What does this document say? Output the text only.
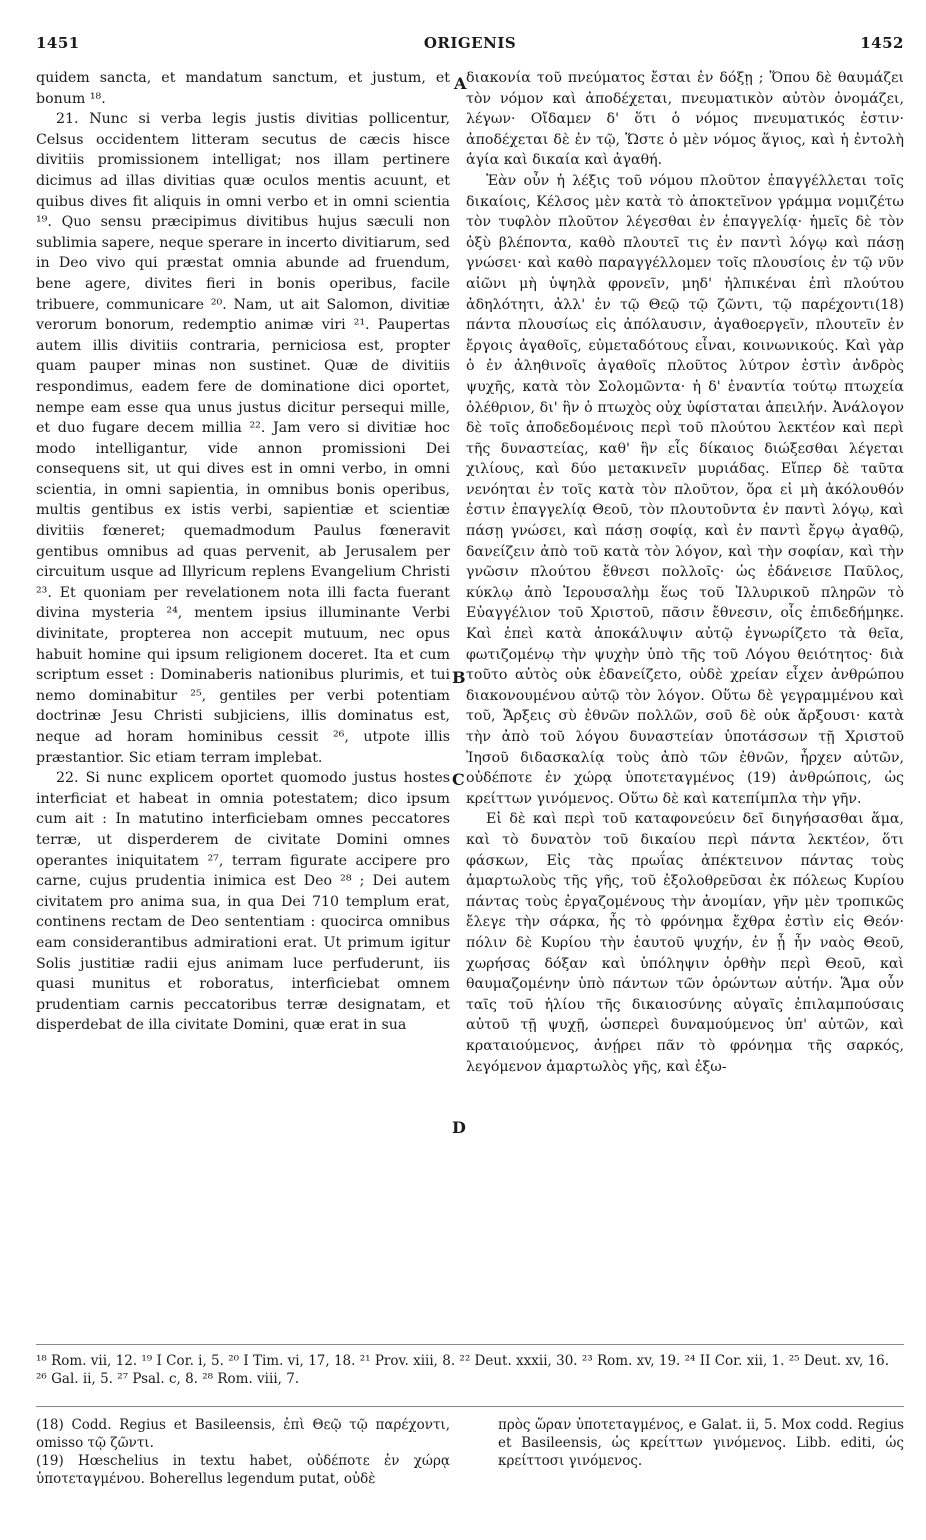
1451	ORIGENIS	1452

quidem sancta, et mandatum sanctum, et justum, et bonum ¹⁸.

21. Nunc si verba legis justis divitias pollicentur, Celsus occidentem litteram secutus de cæcis hisce divitiis promissionem intelligat; nos illam pertinere dicimus ad illas divitias quæ oculos mentis acuunt, et quibus dives fit aliquis in omni verbo et in omni scientia ¹⁹. Quo sensu præcipimus divitibus hujus sæculi non sublimia sapere, neque sperare in incerto divitiarum, sed in Deo vivo qui præstat omnia abunde ad fruendum, bene agere, divites fieri in bonis operibus, facile tribuere, communicare ²⁰. Nam, ut ait Salomon, divitiæ verorum bonorum, redemptio animæ viri ²¹. Paupertas autem illis divitiis contraria, perniciosa est, propter quam pauper minas non sustinet. Quæ de divitiis respondimus, eadem fere de dominatione dici oportet, nempe eam esse qua unus justus dicitur persequi mille, et duo fugare decem millia ²². Jam vero si divitiæ hoc modo intelligantur, vide annon promissioni Dei consequens sit, ut qui dives est in omni verbo, in omni scientia, in omni sapientia, in omnibus bonis operibus, multis gentibus ex istis verbi, sapientiæ et scientiæ divitiis fœneret; quemadmodum Paulus fœneravit gentibus omnibus ad quas pervenit, ab Jerusalem per circuitum usque ad Illyricum replens Evangelium Christi ²³. Et quoniam per revelationem nota illi facta fuerant divina mysteria ²⁴, mentem ipsius illuminante Verbi divinitate, propterea non accepit mutuum, nec opus habuit homine qui ipsum religionem doceret. Ita et cum scriptum esset : Dominaberis nationibus plurimis, et tui nemo dominabitur ²⁵, gentiles per verbi potentiam doctrinæ Jesu Christi subjiciens, illis dominatus est, neque ad horam hominibus cessit ²⁶, utpote illis præstantior. Sic etiam terram implebat.

22. Si nunc explicem oportet quomodo justus hostes interficiat et habeat in omnia potestatem; dico ipsum cum ait : In matutino interficiebam omnes peccatores terræ, ut disperderem de civitate Domini omnes operantes iniquitatem ²⁷, terram figurate accipere pro carne, cujus prudentia inimica est Deo ²⁸ ; Dei autem civitatem pro anima sua, in qua Dei 710 templum erat, continens rectam de Deo sententiam : quocirca omnibus eam considerantibus admirationi erat. Ut primum igitur Solis justitiæ radii ejus animam luce perfuderunt, iis quasi munitus et roboratus, interficiebat omnem prudentiam carnis peccatoribus terræ designatam, et disperdebat de illa civitate Domini, quæ erat in sua

A
B
C
D

διακονία τοῦ πνεύματος ἔσται ἐν δόξῃ ; Ὅπου δὲ θαυμάζει τὸν νόμον καὶ ἀποδέχεται, πνευματικὸν αὐτὸν ὀνομάζει, λέγων· Οἴδαμεν δ' ὅτι ὁ νόμος πνευματικός ἐστιν· ἀποδέχεται δὲ ἐν τῷ, Ὥστε ὁ μὲν νόμος ἅγιος, καὶ ἡ ἐντολὴ ἁγία καὶ δικαία καὶ ἀγαθή.

Ἐὰν οὖν ἡ λέξις τοῦ νόμου πλοῦτον ἐπαγγέλλεται τοῖς δικαίοις, Κέλσος μὲν κατὰ τὸ ἀποκτεῖνον γράμμα νομιζέτω τὸν τυφλὸν πλοῦτον λέγεσθαι ἐν ἐπαγγελίᾳ· ἡμεῖς δὲ τὸν ὀξὺ βλέποντα, καθὸ πλουτεῖ τις ἐν παντὶ λόγῳ καὶ πάσῃ γνώσει· καὶ καθὸ παραγγέλλομεν τοῖς πλουσίοις ἐν τῷ νῦν αἰῶνι μὴ ὑψηλὰ φρονεῖν, μηδ' ἠλπικέναι ἐπὶ πλούτου ἀδηλότητι, ἀλλ' ἐν τῷ Θεῷ τῷ ζῶντι, τῷ παρέχοντι(18) πάντα πλουσίως εἰς ἀπόλαυσιν, ἀγαθοεργεῖν, πλουτεῖν ἐν ἔργοις ἀγαθοῖς, εὐμεταδότους εἶναι, κοινωνικούς. Καὶ γὰρ ὁ ἐν ἀληθινοῖς ἀγαθοῖς πλοῦτος λύτρον ἐστὶν ἀνδρὸς ψυχῆς, κατὰ τὸν Σολομῶντα· ἡ δ' ἐναντία τούτῳ πτωχεία ὀλέθριον, δι' ἣν ὁ πτωχὸς οὐχ ὑφίσταται ἀπειλήν. Ἀνάλογον δὲ τοῖς ἀποδεδομένοις περὶ τοῦ πλούτου λεκτέον καὶ περὶ τῆς δυναστείας, καθ' ἣν εἷς δίκαιος διώξεσθαι λέγεται χιλίους, καὶ δύο μετακινεῖν μυριάδας. Εἴπερ δὲ ταῦτα νενόηται ἐν τοῖς κατὰ τὸν πλοῦτον, ὅρα εἰ μὴ ἀκόλουθόν ἐστιν ἐπαγγελίᾳ Θεοῦ, τὸν πλουτοῦντα ἐν παντὶ λόγῳ, καὶ πάσῃ γνώσει, καὶ πάσῃ σοφίᾳ, καὶ ἐν παντὶ ἔργῳ ἀγαθῷ, δανείζειν ἀπὸ τοῦ κατὰ τὸν λόγον, καὶ τὴν σοφίαν, καὶ τὴν γνῶσιν πλούτου ἔθνεσι πολλοῖς· ὡς ἐδάνεισε Παῦλος, κύκλῳ ἀπὸ Ἱερουσαλὴμ ἕως τοῦ Ἰλλυρικοῦ πληρῶν τὸ Εὐαγγέλιον τοῦ Χριστοῦ, πᾶσιν ἔθνεσιν, οἷς ἐπιδεδήμηκε. Καὶ ἐπεὶ κατὰ ἀποκάλυψιν αὐτῷ ἐγνωρίζετο τὰ θεῖα, φωτιζομένῳ τὴν ψυχὴν ὑπὸ τῆς τοῦ Λόγου θειότητος· διὰ τοῦτο αὐτὸς οὐκ ἐδανείζετο, οὐδὲ χρείαν εἶχεν ἀνθρώπου διακονουμένου αὐτῷ τὸν λόγον. Οὕτω δὲ γεγραμμένου καὶ τοῦ, Ἄρξεις σὺ ἐθνῶν πολλῶν, σοῦ δὲ οὐκ ἄρξουσι· κατὰ τὴν ἀπὸ τοῦ λόγου δυναστείαν ὑποτάσσων τῇ Χριστοῦ Ἰησοῦ διδασκαλίᾳ τοὺς ἀπὸ τῶν ἐθνῶν, ἦρχεν αὐτῶν, οὐδέποτε ἐν χώρᾳ ὑποτεταγμένος (19) ἀνθρώποις, ὡς κρείττων γινόμενος. Οὕτω δὲ καὶ κατεπίμπλα τὴν γῆν.

Εἰ δὲ καὶ περὶ τοῦ καταφονεύειν δεῖ διηγήσασθαι ἅμα, καὶ τὸ δυνατὸν τοῦ δικαίου περὶ πάντα λεκτέον, ὅτι φάσκων, Εἰς τὰς πρωΐας ἀπέκτεινον πάντας τοὺς ἁμαρτωλοὺς τῆς γῆς, τοῦ ἐξολοθρεῦσαι ἐκ πόλεως Κυρίου πάντας τοὺς ἐργαζομένους τὴν ἀνομίαν, γῆν μὲν τροπικῶς ἔλεγε τὴν σάρκα, ἧς τὸ φρόνημα ἔχθρα ἐστὶν εἰς Θεόν· πόλιν δὲ Κυρίου τὴν ἑαυτοῦ ψυχήν, ἐν ᾗ ἦν ναὸς Θεοῦ, χωρήσας δόξαν καὶ ὑπόληψιν ὀρθὴν περὶ Θεοῦ, καὶ θαυμαζομένην ὑπὸ πάντων τῶν ὁρώντων αὐτήν. Ἅμα οὖν ταῖς τοῦ ἡλίου τῆς δικαιοσύνης αὐγαῖς ἐπιλαμπούσαις αὐτοῦ τῇ ψυχῇ, ὡσπερεὶ δυναμούμενος ὑπ' αὐτῶν, καὶ κραταιούμενος, ἀνῄρει πᾶν τὸ φρόνημα τῆς σαρκός, λεγόμενον ἁμαρτωλὸς γῆς, καὶ ἐξω-

¹⁸ Rom. vii, 12. ¹⁹ I Cor. i, 5. ²⁰ I Tim. vi, 17, 18. ²¹ Prov. xiii, 8. ²² Deut. xxxii, 30. ²³ Rom. xv, 19. ²⁴ II Cor. xii, 1. ²⁵ Deut. xv, 16. ²⁶ Gal. ii, 5. ²⁷ Psal. c, 8. ²⁸ Rom. viii, 7.

(18) Codd. Regius et Basileensis, ἐπὶ Θεῷ τῷ παρέχοντι, omisso τῷ ζῶντι.

(19) Hœschelius in textu habet, οὐδέποτε ἐν χώρᾳ ὑποτεταγμένου. Boherellus legendum putat, οὐδὲ

πρὸς ὥραν ὑποτεταγμένος, e Galat. ii, 5. Mox codd. Regius et Basileensis, ὡς κρείττων γινόμενος. Libb. editi, ὡς κρείττοσι γινόμενος.
